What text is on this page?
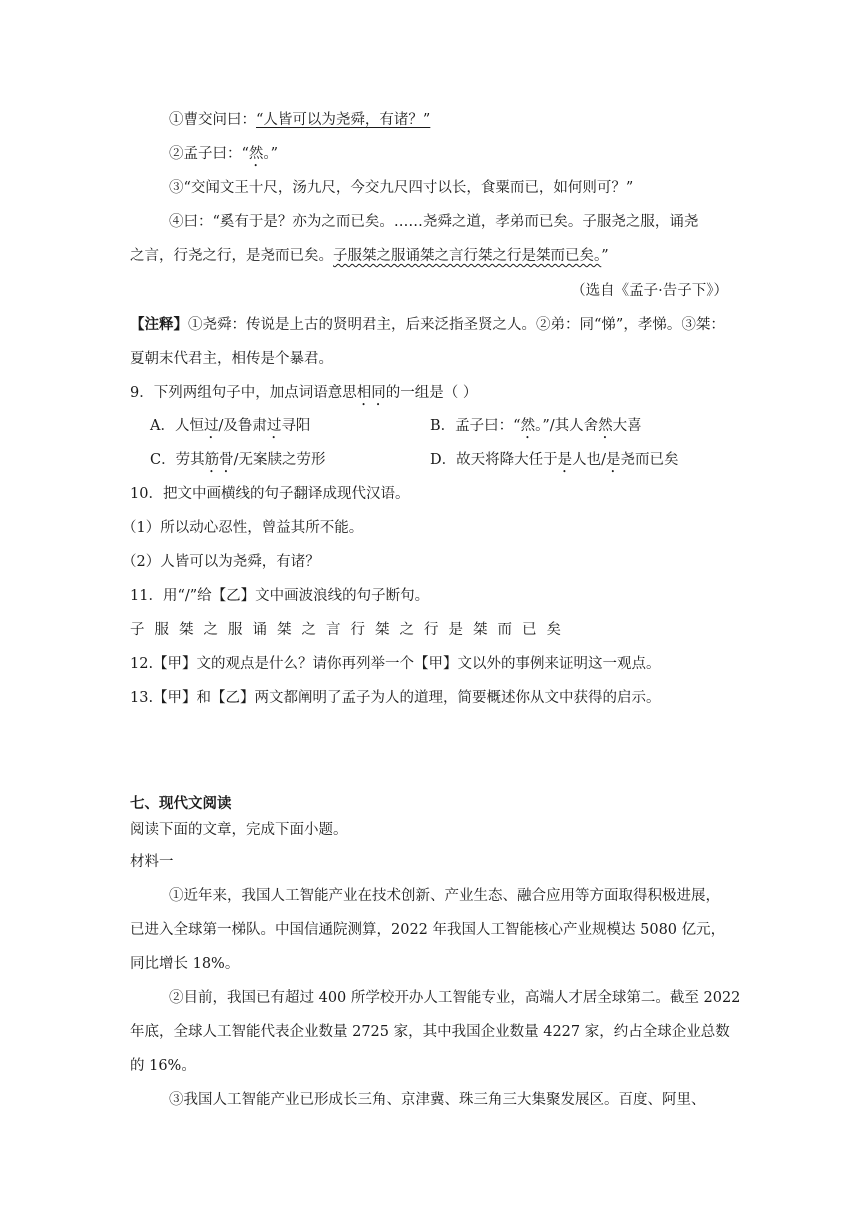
①曹交问曰：“人皆可以为尧舜，有诸？”
②孟子曰：“然。”
③“交闻文王十尺，汤九尺，今交九尺四寸以长，食粟而已，如何则可？”
④曰：“奚有于是？亦为之而已矣。……尧舜之道，孝弟而已矣。子服尧之服，诵尧
之言，行尧之行，是尧而已矣。子服桀之服诵桀之言行桀之行是桀而已矣。”
（选自《孟子·告子下》）
【注释】①尧舜：传说是上古的贤明君主，后来泛指圣贤之人。②弟：同“悌”，孝悌。③桀：
夏朝末代君主，相传是个暴君。
9．下列两组句子中，加点词语意思相同的一组是（ ）
A．人恒过/及鲁肃过寻阳	B．孟子曰：“然。”/其人舍然大喜
C．劳其筋骨/无案牍之劳形	D．故天将降大任于是人也/是尧而已矣
10．把文中画横线的句子翻译成现代汉语。
（1）所以动心忍性，曾益其所不能。
（2）人皆可以为尧舜，有诸？
11．用“/”给【乙】文中画波浪线的句子断句。
子服桀之服诵桀之言行桀之行是桀而已矣
12.【甲】文的观点是什么？请你再列举一个【甲】文以外的事例来证明这一观点。
13.【甲】和【乙】两文都阐明了孟子为人的道理，简要概述你从文中获得的启示。
七、现代文阅读
阅读下面的文章，完成下面小题。
材料一
①近年来，我国人工智能产业在技术创新、产业生态、融合应用等方面取得积极进展，
已进入全球第一梯队。中国信通院测算，2022 年我国人工智能核心产业规模达 5080 亿元，
同比增长 18%。
②目前，我国已有超过 400 所学校开办人工智能专业，高端人才居全球第二。截至 2022
年底，全球人工智能代表企业数量 2725 家，其中我国企业数量 4227 家，约占全球企业总数
的 16%。
③我国人工智能产业已形成长三角、京津冀、珠三角三大集聚发展区。百度、阿里、
